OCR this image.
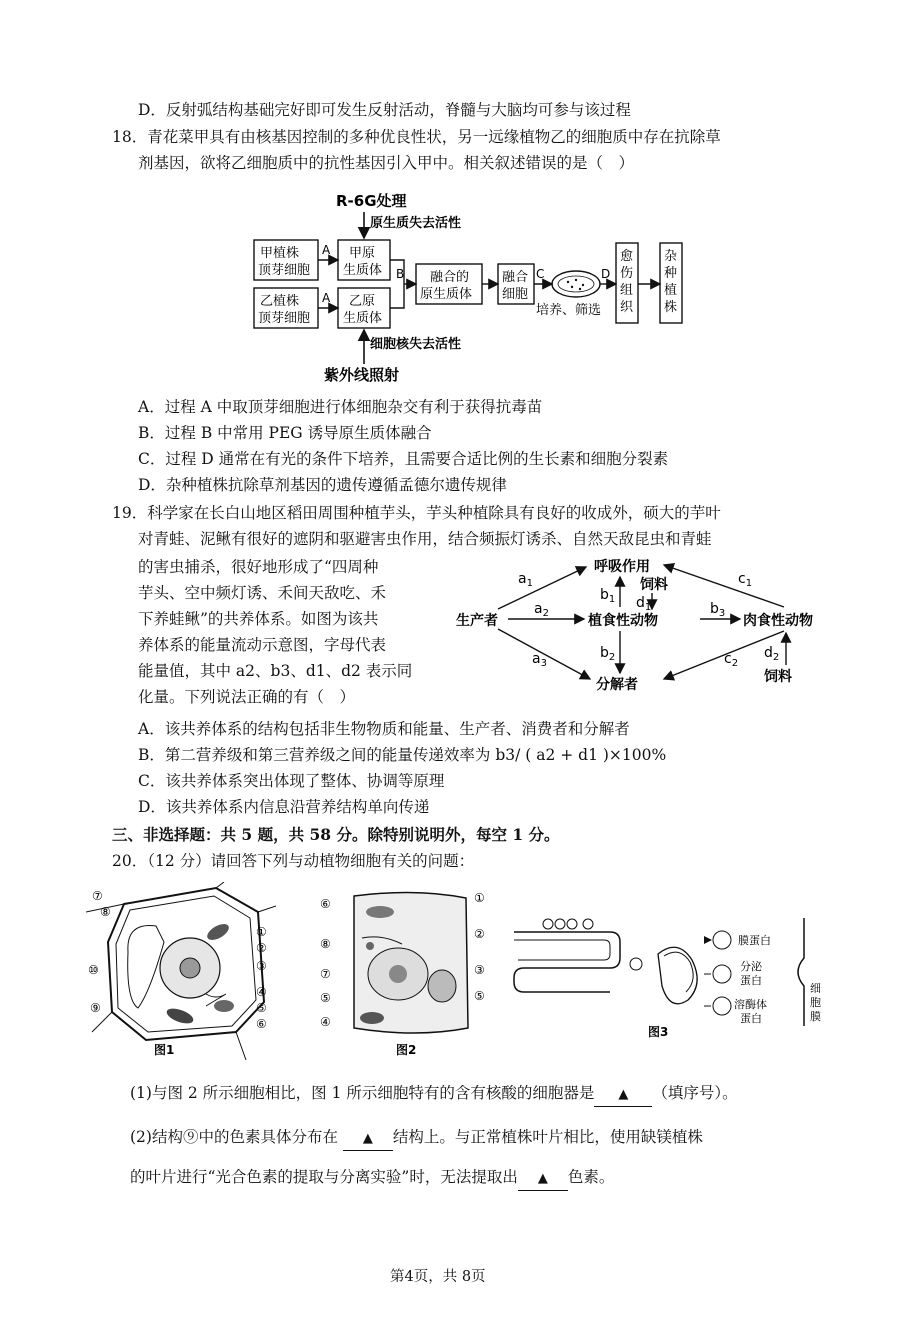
D．反射弧结构基础完好即可发生反射活动，脊髓与大脑均可参与该过程
18．青花菜甲具有由核基因控制的多种优良性状，另一远缘植物乙的细胞质中存在抗除草
剂基因，欲将乙细胞质中的抗性基因引入甲中。相关叙述错误的是（　）
R-6G处理
原生质失去活性
甲植株
顶芽细胞
A 甲原
生质体
乙植株
顶芽细胞
A 乙原
生质体
B 融合的
原生质体
融合
细胞
C
培养、筛选
D
愈
伤
组
织
杂
种
植
株
细胞核失去活性
紫外线照射
A．过程 A 中取顶芽细胞进行体细胞杂交有利于获得抗毒苗
B．过程 B 中常用 PEG 诱导原生质体融合
C．过程 D 通常在有光的条件下培养，且需要合适比例的生长素和细胞分裂素
D．杂种植株抗除草剂基因的遗传遵循孟德尔遗传规律
19．科学家在长白山地区稻田周围种植芋头，芋头种植除具有良好的收成外，硕大的芋叶
对青蛙、泥鳅有很好的遮阴和驱避害虫作用，结合频振灯诱杀、自然天敌昆虫和青蛙
的害虫捕杀，很好地形成了“四周种
芋头、空中频灯诱、禾间天敌吃、禾
下养蛙鳅”的共养体系。如图为该共
养体系的能量流动示意图，字母代表
能量值，其中 a2、b3、d1、d2 表示同
化量。下列说法正确的有（　）
呼吸作用
生产者	植食性动物	肉食性动物
分解者
饲料
饲料
$a_1$
$a_2$
$a_3$
$b_1$ $d_1$	$b_3$
$b_2$
$c_1$
$c_2$
$d_2$
A．该共养体系的结构包括非生物物质和能量、生产者、消费者和分解者
B．第二营养级和第三营养级之间的能量传递效率为 b3/ ( a2 + d1 )×100%
C．该共养体系突出体现了整体、协调等原理
D．该共养体系内信息沿营养结构单向传递
三、非选择题：共 5 题，共 58 分。除特别说明外，每空 1 分。
20．（12 分）请回答下列与动植物细胞有关的问题：
⑦
⑧
⑩
⑨
①
②
③
④
⑤
⑥
图1
⑥
⑧
⑦
⑤
④
①
②
③
⑤
图2
膜蛋白
分泌
蛋白
溶酶体
蛋白
细
胞
膜
图3
(1)与图 2 所示细胞相比，图 1 所示细胞特有的含有核酸的细胞器是 ▲ （填序号）。
(2)结构⑨中的色素具体分布在 ▲ 结构上。与正常植株叶片相比，使用缺镁植株
的叶片进行“光合色素的提取与分离实验”时，无法提取出 ▲ 色素。
第4页，共 8页
